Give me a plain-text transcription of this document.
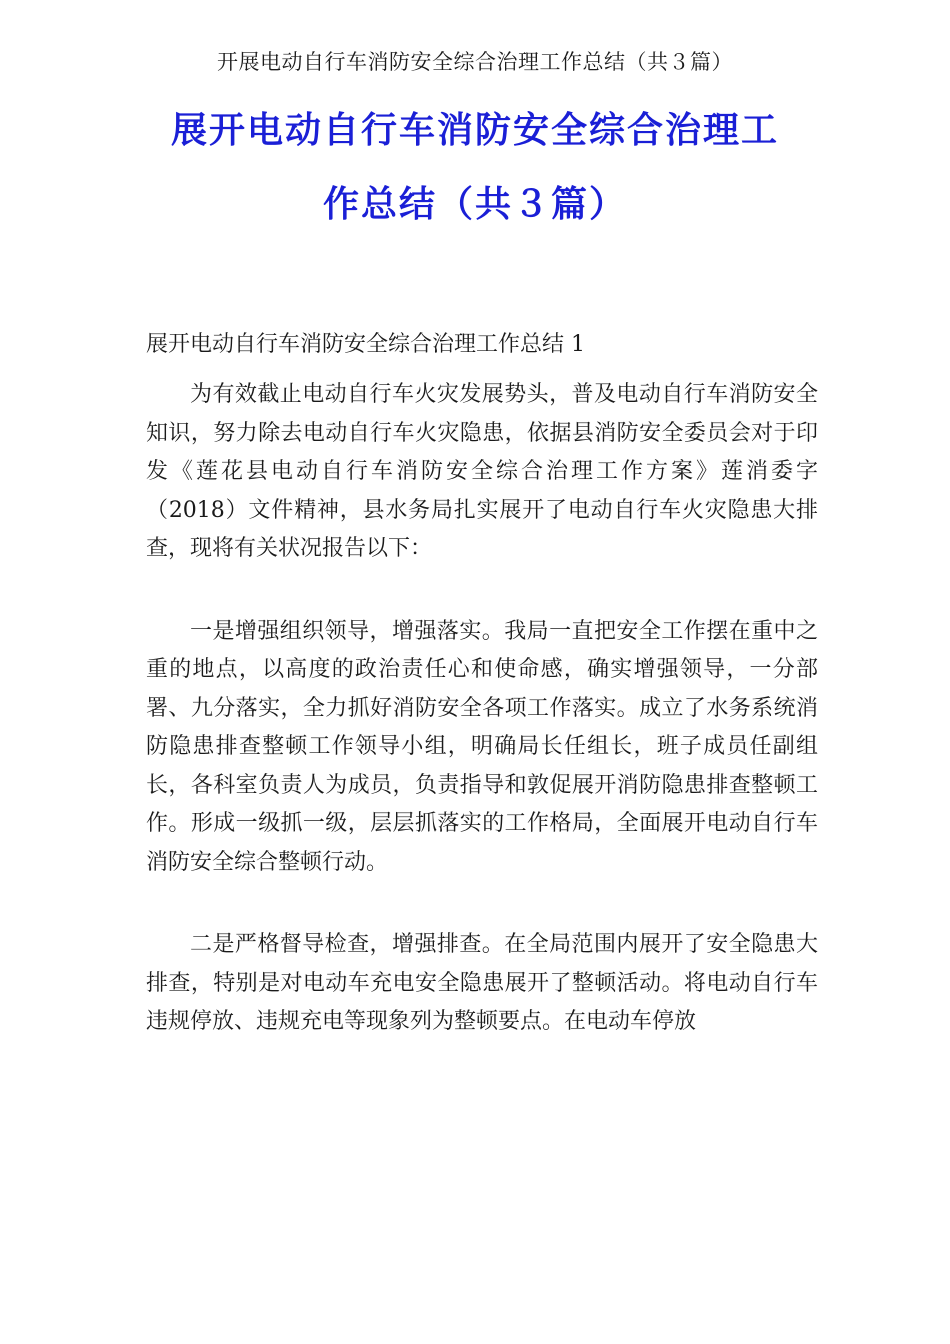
开展电动自行车消防安全综合治理工作总结（共３篇）
展开电动自行车消防安全综合治理工
作总结（共３篇）

展开电动自行车消防安全综合治理工作总结 1

为有效截止电动自行车火灾发展势头，普及电动自行车消防安全知识，努力除去电动自行车火灾隐患，依据县消防安全委员会对于印发《莲花县电动自行车消防安全综合治理工作方案》莲消委字（2018）文件精神，县水务局扎实展开了电动自行车火灾隐患大排查，现将有关状况报告以下：

一是增强组织领导，增强落实。我局一直把安全工作摆在重中之重的地点，以高度的政治责任心和使命感，确实增强领导，一分部署、九分落实，全力抓好消防安全各项工作落实。成立了水务系统消防隐患排查整顿工作领导小组，明确局长任组长，班子成员任副组长，各科室负责人为成员，负责指导和敦促展开消防隐患排查整顿工作。形成一级抓一级，层层抓落实的工作格局，全面展开电动自行车消防安全综合整顿行动。

二是严格督导检查，增强排查。在全局范围内展开了安全隐患大排查，特别是对电动车充电安全隐患展开了整顿活动。将电动自行车违规停放、违规充电等现象列为整顿要点。在电动车停放
